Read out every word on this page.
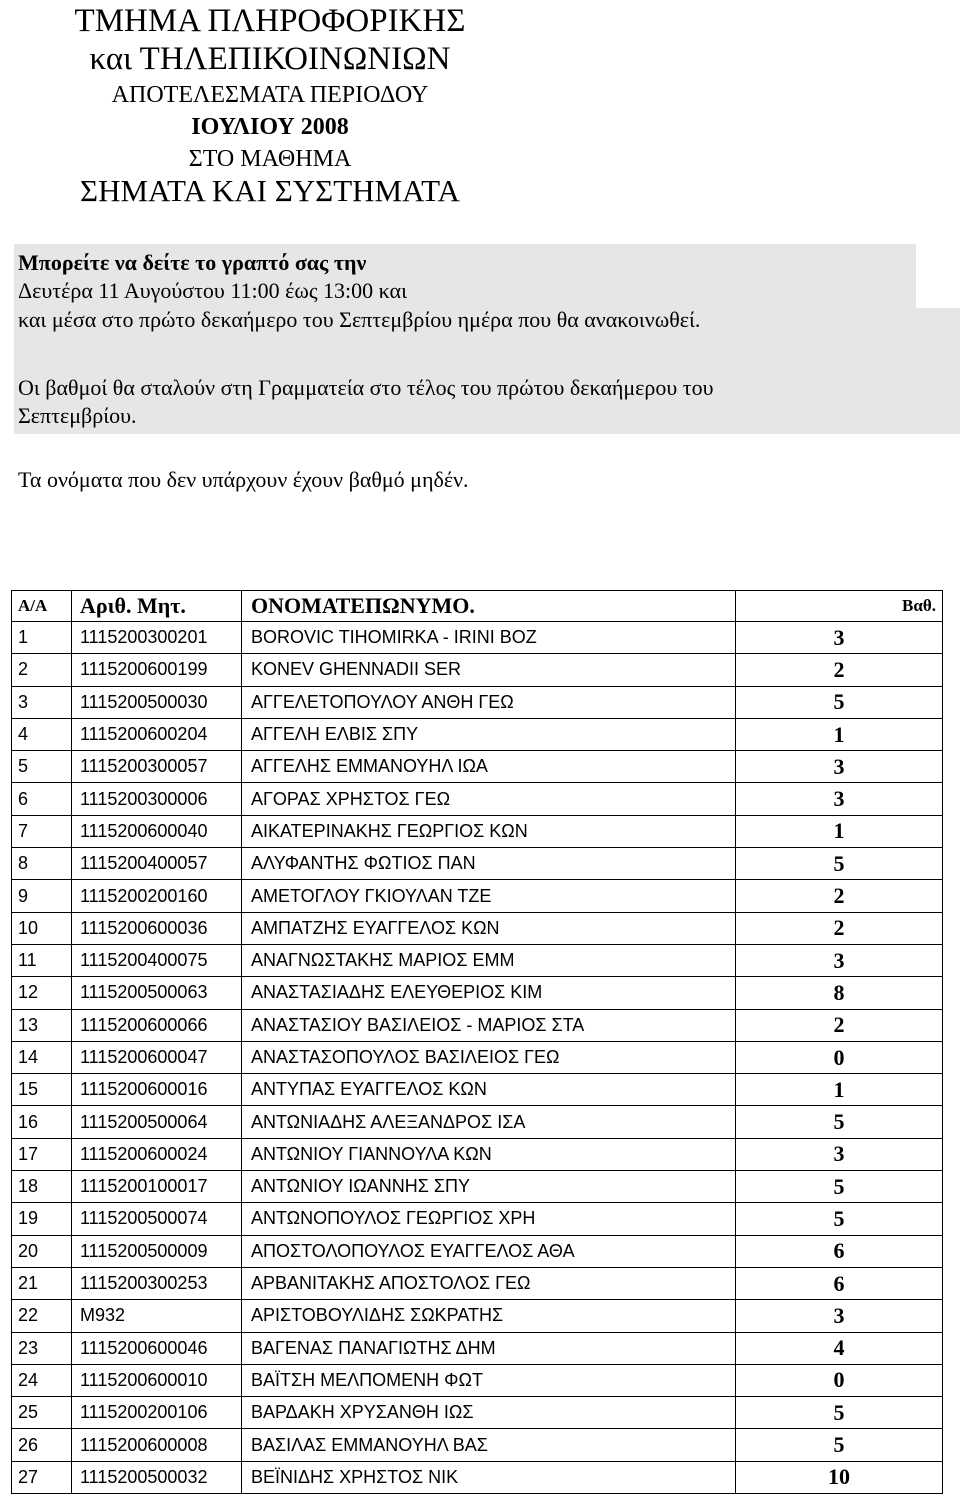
ΤΜΗΜΑ ΠΛΗΡΟΦΟΡΙΚΗΣ
και ΤΗΛΕΠΙΚΟΙΝΩΝΙΩΝ
ΑΠΟΤΕΛΕΣΜΑΤΑ ΠΕΡΙΟΔΟΥ
ΙΟΥΛΙΟΥ 2008
ΣΤΟ ΜΑΘΗΜΑ
ΣΗΜΑΤΑ ΚΑΙ ΣΥΣΤΗΜΑΤΑ
Μπορείτε να δείτε το γραπτό σας την
Δευτέρα 11 Αυγούστου 11:00 έως 13:00 και
και μέσα στο πρώτο δεκαήμερο του Σεπτεμβρίου ημέρα που θα ανακοινωθεί.
Οι βαθμοί θα σταλούν στη Γραμματεία στο τέλος του πρώτου δεκαήμερου του
Σεπτεμβρίου.
Τα ονόματα που δεν υπάρχουν έχουν βαθμό μηδέν.
Α/Α	Αριθ. Μητ.	ΟΝΟΜΑΤΕΠΩΝΥΜΟ.	Βαθ.
1	1115200300201	BOROVIC TIHOMIRKA - IRINI BOZ	3
2	1115200600199	KONEV GHENNADII SER	2
3	1115200500030	ΑΓΓΕΛΕΤΟΠΟΥΛΟΥ ΑΝΘΗ ΓΕΩ	5
4	1115200600204	ΑΓΓΕΛΗ ΕΛΒΙΣ ΣΠΥ	1
5	1115200300057	ΑΓΓΕΛΗΣ ΕΜΜΑΝΟΥΗΛ ΙΩΑ	3
6	1115200300006	ΑΓΟΡΑΣ ΧΡΗΣΤΟΣ ΓΕΩ	3
7	1115200600040	ΑΙΚΑΤΕΡΙΝΑΚΗΣ ΓΕΩΡΓΙΟΣ ΚΩΝ	1
8	1115200400057	ΑΛΥΦΑΝΤΗΣ ΦΩΤΙΟΣ ΠΑΝ	5
9	1115200200160	ΑΜΕΤΟΓΛΟΥ ΓΚΙΟΥΛΑΝ ΤΖΕ	2
10	1115200600036	ΑΜΠΑΤΖΗΣ ΕΥΑΓΓΕΛΟΣ ΚΩΝ	2
11	1115200400075	ΑΝΑΓΝΩΣΤΑΚΗΣ ΜΑΡΙΟΣ ΕΜΜ	3
12	1115200500063	ΑΝΑΣΤΑΣΙΑΔΗΣ ΕΛΕΥΘΕΡΙΟΣ ΚΙΜ	8
13	1115200600066	ΑΝΑΣΤΑΣΙΟΥ ΒΑΣΙΛΕΙΟΣ - ΜΑΡΙΟΣ ΣΤΑ	2
14	1115200600047	ΑΝΑΣΤΑΣΟΠΟΥΛΟΣ ΒΑΣΙΛΕΙΟΣ ΓΕΩ	0
15	1115200600016	ΑΝΤΥΠΑΣ ΕΥΑΓΓΕΛΟΣ ΚΩΝ	1
16	1115200500064	ΑΝΤΩΝΙΑΔΗΣ ΑΛΕΞΑΝΔΡΟΣ ΙΣΑ	5
17	1115200600024	ΑΝΤΩΝΙΟΥ ΓΙΑΝΝΟΥΛΑ ΚΩΝ	3
18	1115200100017	ΑΝΤΩΝΙΟΥ ΙΩΑΝΝΗΣ ΣΠΥ	5
19	1115200500074	ΑΝΤΩΝΟΠΟΥΛΟΣ ΓΕΩΡΓΙΟΣ ΧΡΗ	5
20	1115200500009	ΑΠΟΣΤΟΛΟΠΟΥΛΟΣ ΕΥΑΓΓΕΛΟΣ ΑΘΑ	6
21	1115200300253	ΑΡΒΑΝΙΤΑΚΗΣ ΑΠΟΣΤΟΛΟΣ ΓΕΩ	6
22	Μ932	ΑΡΙΣΤΟΒΟΥΛΙΔΗΣ ΣΩΚΡΑΤΗΣ	3
23	1115200600046	ΒΑΓΕΝΑΣ ΠΑΝΑΓΙΩΤΗΣ ΔΗΜ	4
24	1115200600010	ΒΑΪΤΣΗ ΜΕΛΠΟΜΕΝΗ ΦΩΤ	0
25	1115200200106	ΒΑΡΔΑΚΗ ΧΡΥΣΑΝΘΗ ΙΩΣ	5
26	1115200600008	ΒΑΣΙΛΑΣ ΕΜΜΑΝΟΥΗΛ ΒΑΣ	5
27	1115200500032	ΒΕΪΝΙΔΗΣ ΧΡΗΣΤΟΣ ΝΙΚ	10
